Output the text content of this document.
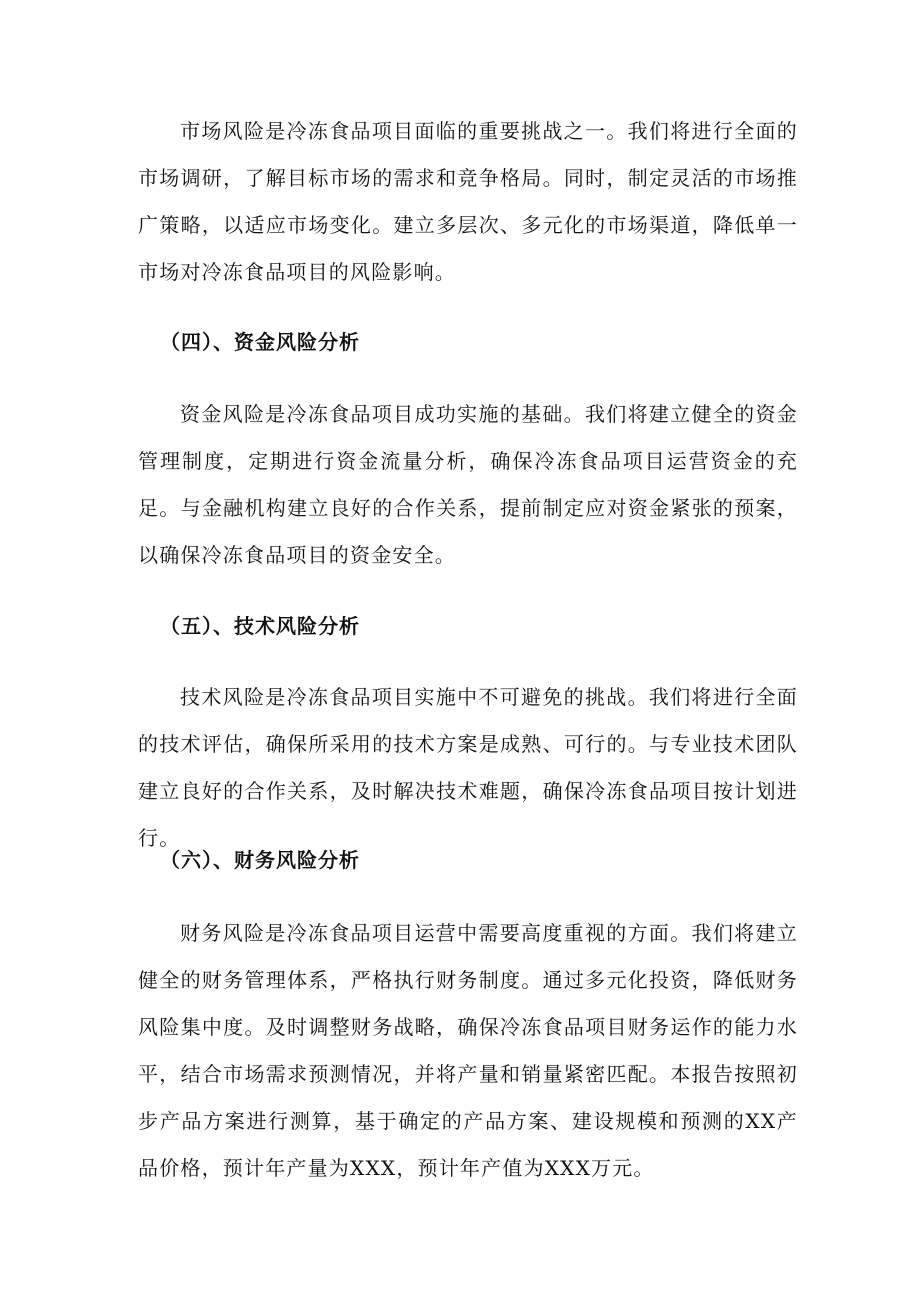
市场风险是冷冻食品项目面临的重要挑战之一。我们将进行全面的市场调研，了解目标市场的需求和竞争格局。同时，制定灵活的市场推广策略，以适应市场变化。建立多层次、多元化的市场渠道，降低单一市场对冷冻食品项目的风险影响。

（四）、资金风险分析

资金风险是冷冻食品项目成功实施的基础。我们将建立健全的资金管理制度，定期进行资金流量分析，确保冷冻食品项目运营资金的充足。与金融机构建立良好的合作关系，提前制定应对资金紧张的预案，以确保冷冻食品项目的资金安全。

（五）、技术风险分析

技术风险是冷冻食品项目实施中不可避免的挑战。我们将进行全面的技术评估，确保所采用的技术方案是成熟、可行的。与专业技术团队建立良好的合作关系，及时解决技术难题，确保冷冻食品项目按计划进行。

（六）、财务风险分析

财务风险是冷冻食品项目运营中需要高度重视的方面。我们将建立健全的财务管理体系，严格执行财务制度。通过多元化投资，降低财务风险集中度。及时调整财务战略，确保冷冻食品项目财务运作的能力水平，结合市场需求预测情况，并将产量和销量紧密匹配。本报告按照初步产品方案进行测算，基于确定的产品方案、建设规模和预测的XX产品价格，预计年产量为XXX，预计年产值为XXX万元。
